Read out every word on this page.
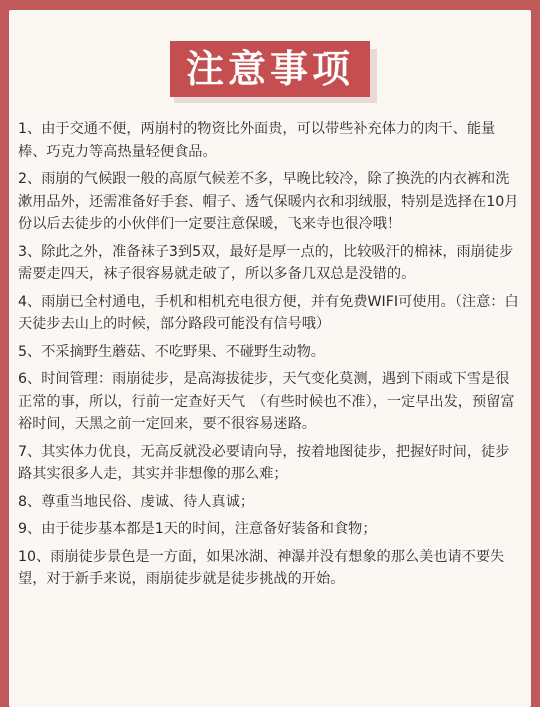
注意事项

1、由于交通不便，两崩村的物资比外面贵，可以带些补充体力的肉干、能量棒、巧克力等高热量轻便食品。

2、雨崩的气候跟一般的高原气候差不多，早晚比较冷，除了换洗的内衣裤和洗漱用品外，还需准备好手套、帽子、透气保暖内衣和羽绒服，特别是选择在10月份以后去徒步的小伙伴们一定要注意保暖，飞来寺也很冷哦！

3、除此之外，准备袜子3到5双，最好是厚一点的，比较吸汗的棉袜，雨崩徒步需要走四天，袜子很容易就走破了，所以多备几双总是没错的。

4、雨崩已全村通电，手机和相机充电很方便，并有免费WIFI可使用。（注意：白天徒步去山上的时候，部分路段可能没有信号哦）

5、不采摘野生蘑菇、不吃野果、不碰野生动物。

6、时间管理：雨崩徒步，是高海拔徒步，天气变化莫测，遇到下雨或下雪是很正常的事，所以，行前一定查好天气　（有些时候也不准），一定早出发，预留富裕时间，天黑之前一定回来，要不很容易迷路。

7、其实体力优良，无高反就没必要请向导，按着地图徒步，把握好时间，徒步路其实很多人走，其实并非想像的那么难；

8、尊重当地民俗、虔诚、待人真诚；

9、由于徒步基本都是1天的时间，注意备好装备和食物；

10、雨崩徒步景色是一方面，如果冰湖、神瀑并没有想象的那么美也请不要失望，对于新手来说，雨崩徒步就是徒步挑战的开始。
